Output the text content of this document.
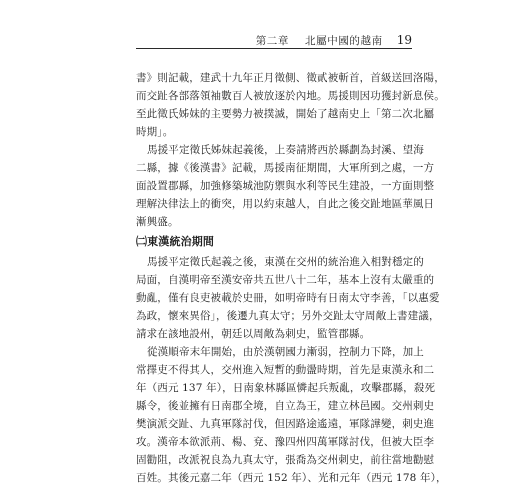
第二章 北屬中國的越南 19
書》則記載，建武十九年正月徵側、徵貳被斬首，首級送回洛陽，
而交趾各部落領袖數百人被放逐於內地。馬援則因功獲封新息侯。
至此徵氏姊妹的主要勢力被撲滅，開始了越南史上「第二次北屬
時期」。
馬援平定徵氏姊妹起義後，上奏請將西於縣劃為封溪、望海
二縣，據《後漢書》記載，馬援南征期間，大軍所到之處，一方
面設置郡縣，加強修築城池防禦與水利等民生建設，一方面則整
理解決律法上的衝突，用以約束越人，自此之後交趾地區華風日
漸興盛。
㈡東漢統治期間
馬援平定徵氏起義之後，東漢在交州的統治進入相對穩定的
局面，自漢明帝至漢安帝共五世八十二年，基本上沒有太嚴重的
動亂，僅有良吏被載於史冊，如明帝時有日南太守李善，「以惠愛
為政，懷來異俗」，後遷九真太守；另外交趾太守周敞上書建議，
請求在該地設州，朝廷以周敞為刺史，監管郡縣。
從漢順帝末年開始，由於漢朝國力漸弱，控制力下降，加上
常擇吏不得其人，交州進入短暫的動盪時期，首先是東漢永和二
年（西元 137 年），日南象林縣區憐起兵叛亂，攻擊郡縣，殺死
縣令，後並擁有日南郡全境，自立為王，建立林邑國。交州刺史
樊演派交趾、九真軍隊討伐，但因路途遙遠，軍隊譁變，刺史進
攻。漢帝本欲派荊、楊、兗、豫四州四萬軍隊討伐，但被大臣李
固勸阻，改派祝良為九真太守，張喬為交州刺史，前往當地勸慰
百姓。其後元嘉二年（西元 152 年）、光和元年（西元 178 年），
